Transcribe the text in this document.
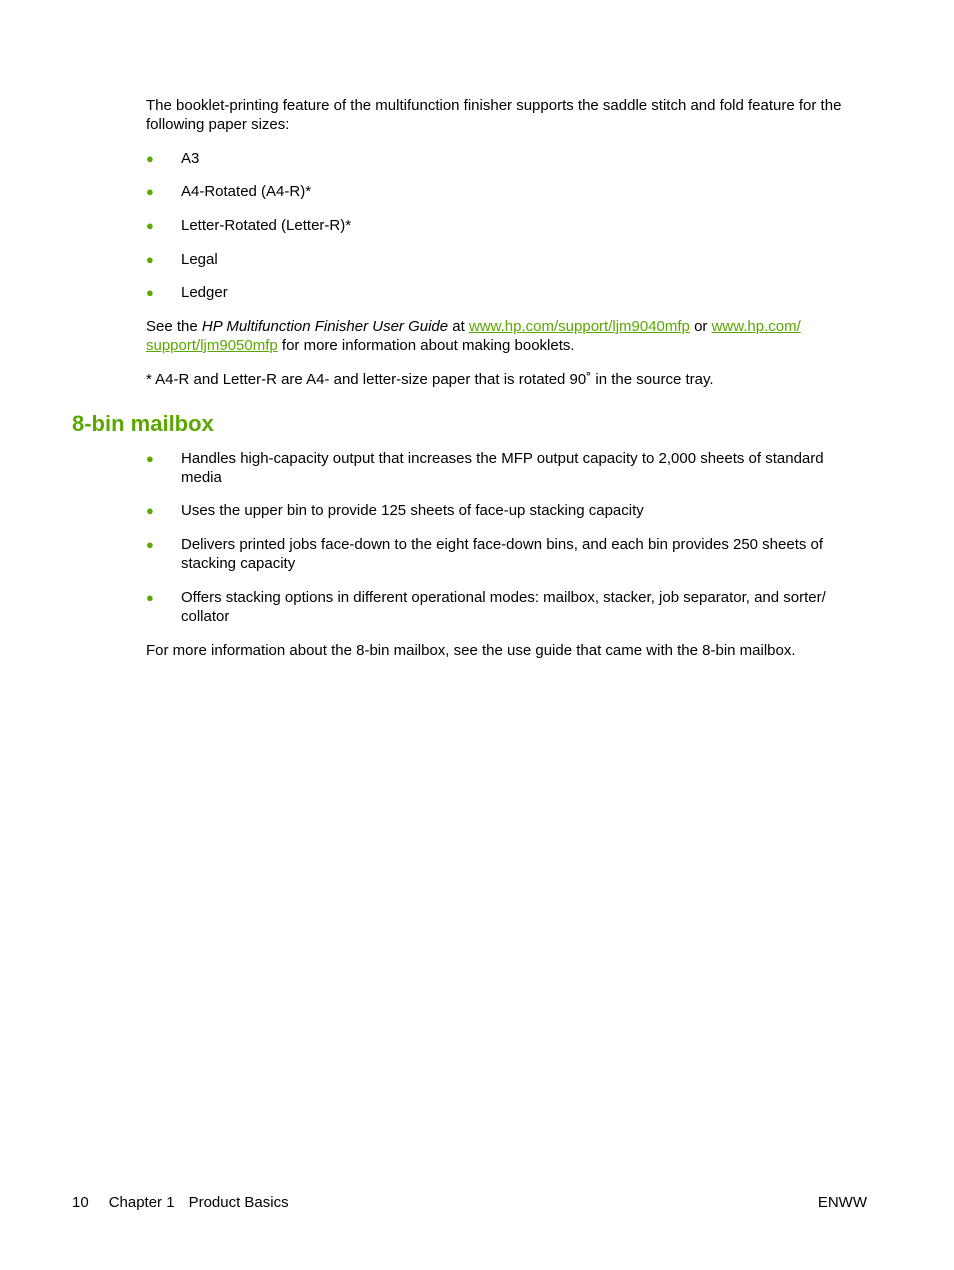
The booklet-printing feature of the multifunction finisher supports the saddle stitch and fold feature for the following paper sizes:

● A3
● A4-Rotated (A4-R)*
● Letter-Rotated (Letter-R)*
● Legal
● Ledger

See the HP Multifunction Finisher User Guide at www.hp.com/support/ljm9040mfp or www.hp.com/
support/ljm9050mfp for more information about making booklets.

* A4-R and Letter-R are A4- and letter-size paper that is rotated 90˚ in the source tray.

8-bin mailbox
● Handles high-capacity output that increases the MFP output capacity to 2,000 sheets of standard media
● Uses the upper bin to provide 125 sheets of face-up stacking capacity
● Delivers printed jobs face-down to the eight face-down bins, and each bin provides 250 sheets of stacking capacity
● Offers stacking options in different operational modes: mailbox, stacker, job separator, and sorter/ collator

For more information about the 8-bin mailbox, see the use guide that came with the 8-bin mailbox.

10 Chapter 1 Product Basics	ENWW
